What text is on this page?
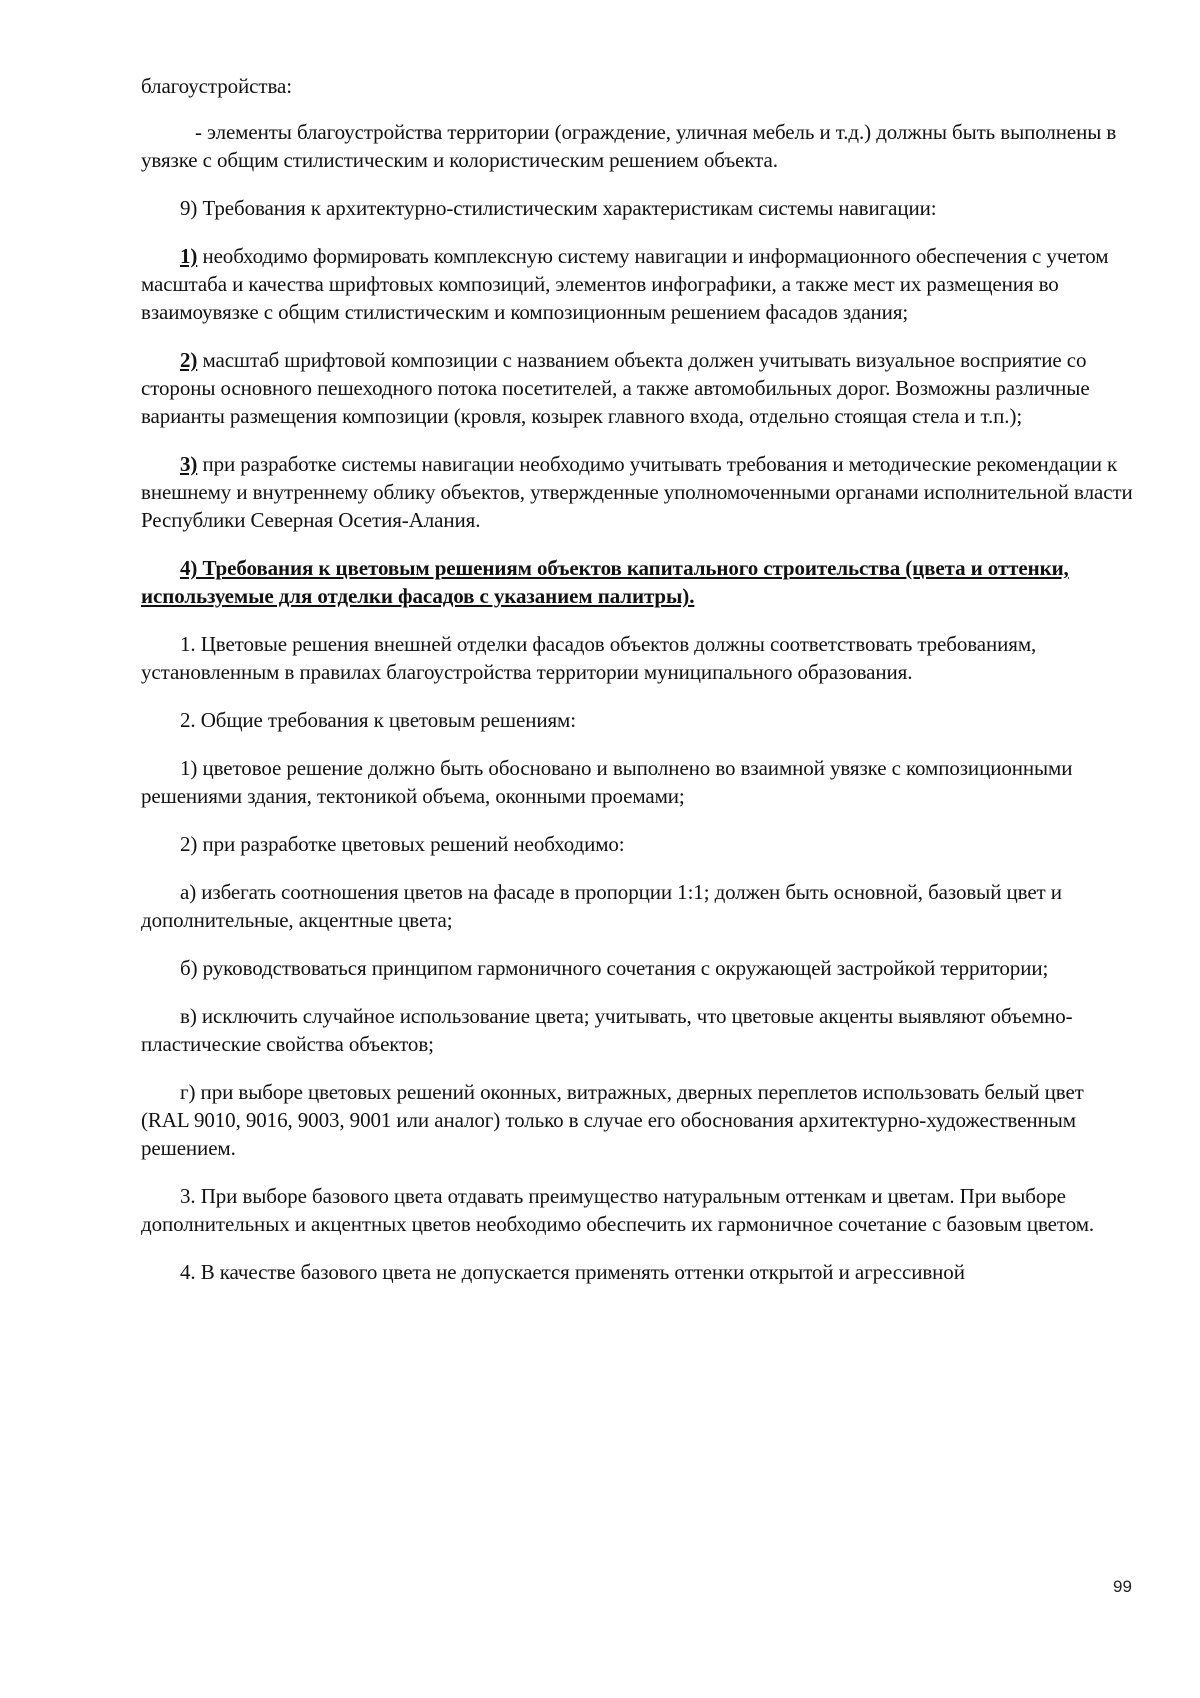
благоустройства:

- элементы благоустройства территории (ограждение, уличная мебель и т.д.) должны быть выполнены в увязке с общим стилистическим и колористическим решением объекта.

9) Требования к архитектурно-стилистическим характеристикам системы навигации:

1) необходимо формировать комплексную систему навигации и информационного обеспечения с учетом масштаба и качества шрифтовых композиций, элементов инфографики, а также мест их размещения во взаимоувязке с общим стилистическим и композиционным решением фасадов здания;

2) масштаб шрифтовой композиции с названием объекта должен учитывать визуальное восприятие со стороны основного пешеходного потока посетителей, а также автомобильных дорог. Возможны различные варианты размещения композиции (кровля, козырек главного входа, отдельно стоящая стела и т.п.);

3) при разработке системы навигации необходимо учитывать требования и методические рекомендации к внешнему и внутреннему облику объектов, утвержденные уполномоченными органами исполнительной власти Республики Северная Осетия-Алания.

4) Требования к цветовым решениям объектов капитального строительства (цвета и оттенки, используемые для отделки фасадов с указанием палитры).

1. Цветовые решения внешней отделки фасадов объектов должны соответствовать требованиям, установленным в правилах благоустройства территории муниципального образования.

2. Общие требования к цветовым решениям:

1) цветовое решение должно быть обосновано и выполнено во взаимной увязке с композиционными решениями здания, тектоникой объема, оконными проемами;

2) при разработке цветовых решений необходимо:

а) избегать соотношения цветов на фасаде в пропорции 1:1; должен быть основной, базовый цвет и дополнительные, акцентные цвета;

б) руководствоваться принципом гармоничного сочетания с окружающей застройкой территории;

в) исключить случайное использование цвета; учитывать, что цветовые акценты выявляют объемно-пластические свойства объектов;

г) при выборе цветовых решений оконных, витражных, дверных переплетов использовать белый цвет (RAL 9010, 9016, 9003, 9001 или аналог) только в случае его обоснования архитектурно-художественным решением.

3. При выборе базового цвета отдавать преимущество натуральным оттенкам и цветам. При выборе дополнительных и акцентных цветов необходимо обеспечить их гармоничное сочетание с базовым цветом.

4. В качестве базового цвета не допускается применять оттенки открытой и агрессивной

99
